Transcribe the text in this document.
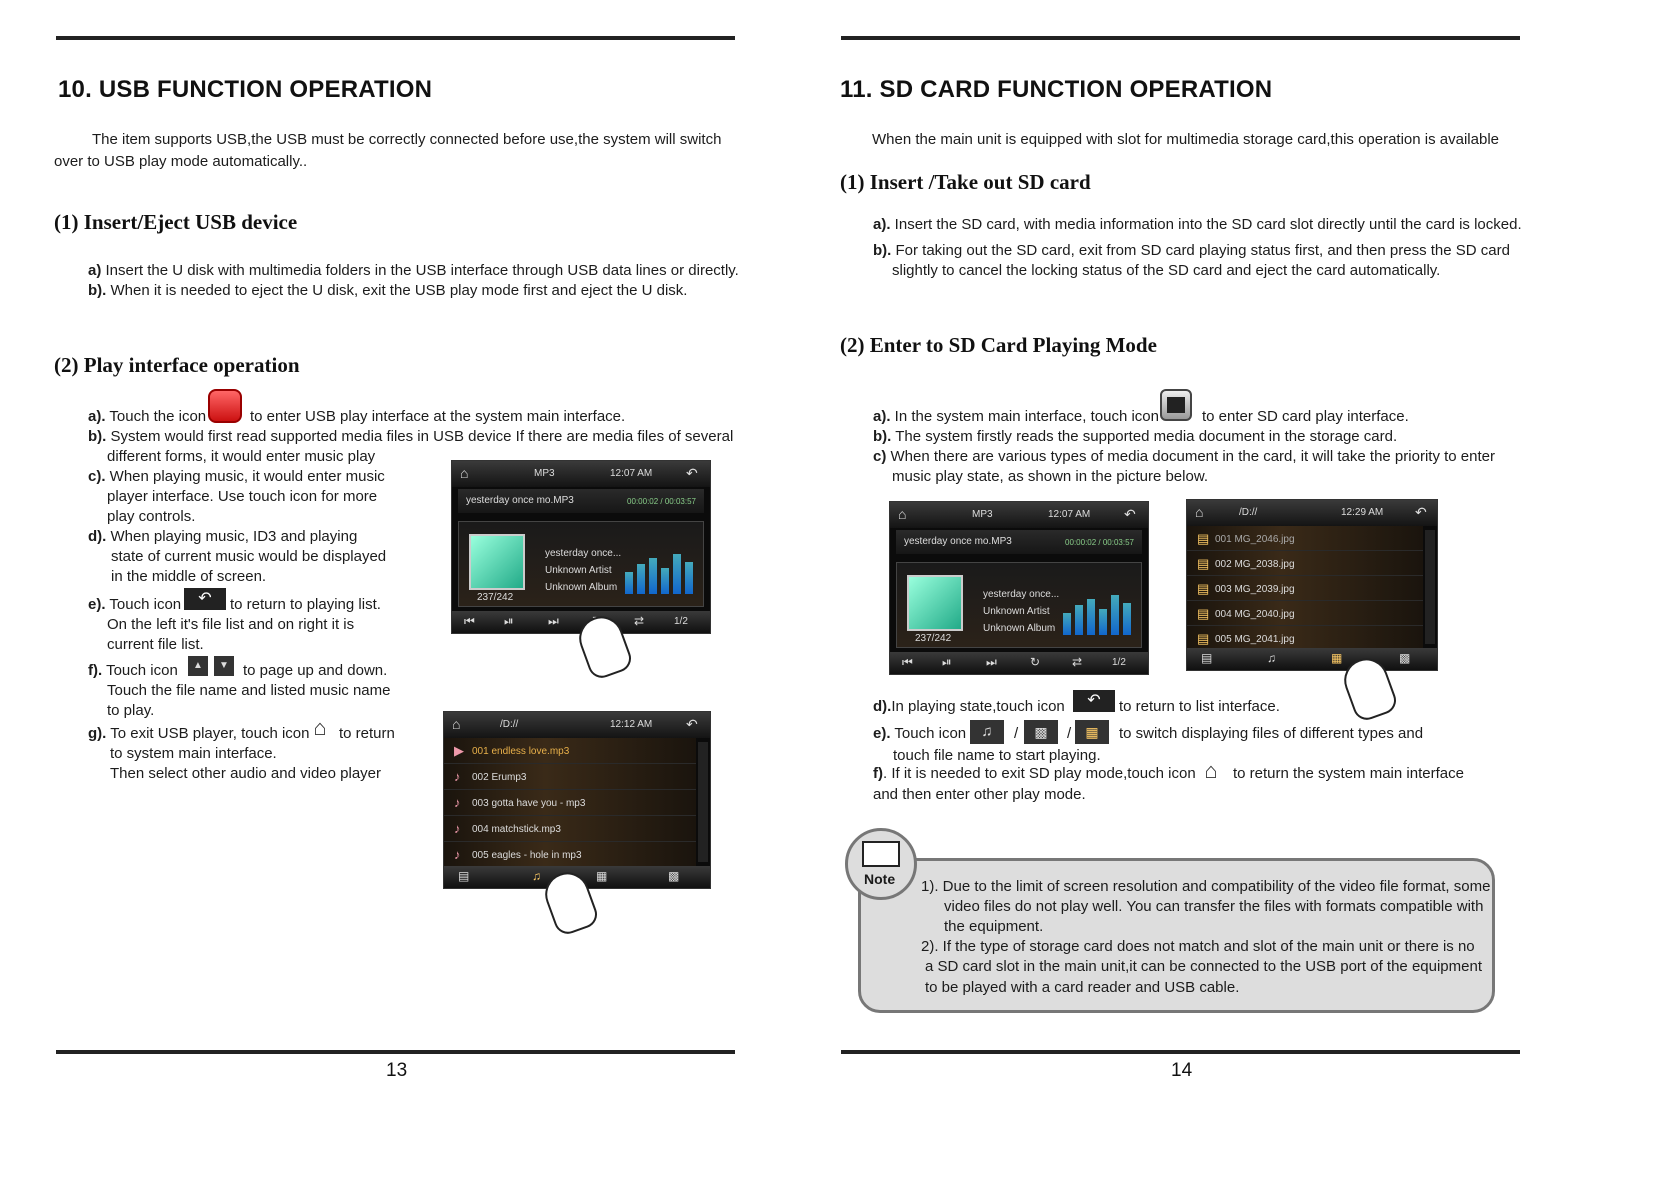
10. USB FUNCTION OPERATION
The item supports USB,the USB must be correctly connected before use,the system will switch
over to USB play mode automatically..
(1) Insert/Eject USB device
a) Insert the U disk with multimedia folders in the USB interface through USB data lines or directly.
b). When it is needed to eject the U disk, exit the USB play mode first and eject the U disk.
(2) Play interface operation
a). Touch the icon	to enter USB play interface at the system main interface.
b). System would first read supported media files in USB device If there are media files of several
different forms, it would enter music play
c). When playing music, it would enter music
player interface. Use touch icon for more
play controls.
d). When playing music, ID3 and playing
state of current music would be displayed
in the middle of screen.
e). Touch icon	↶	to return to playing list.
On the left it's file list and on right it is
current file list.
f). Touch icon	▲	▼ to page up and down.
Touch the file name and listed music name
to play.
g). To exit USB player, touch icon ⌂ to return
to system main interface.
Then select other audio and video player
⌂	MP3	12:07 AM ↶
yesterday once mo.MP3	00:00:02 / 00:03:57
yesterday once...
Unknown Artist
Unknown Album
237/242
⏮ ⏯	⏭	⇄	1/2
⌂	/D://	12:12 AM ↶
▶ 001 endless love.mp3
♪ 002 Erump3
♪ 003 gotta have you - mp3
♪ 004 matchstick.mp3
♪ 005 eagles - hole in mp3
▤	♫	▦	▩
13
11. SD CARD FUNCTION OPERATION
When the main unit is equipped with slot for multimedia storage card,this operation is available
(1) Insert /Take out SD card
a). Insert the SD card, with media information into the SD card slot directly until the card is locked.
b). For taking out the SD card, exit from SD card playing status first, and then press the SD card
slightly to cancel the locking status of the SD card and eject the card automatically.
(2) Enter to SD Card Playing Mode
a). In the system main interface, touch icon	to enter SD card play interface.
b). The system firstly reads the supported media document in the storage card.
c) When there are various types of media document in the card, it will take the priority to enter
music play state, as shown in the picture below.
⌂	MP3	12:07 AM ↶
yesterday once mo.MP3	00:00:02 / 00:03:57
yesterday once...
Unknown Artist
Unknown Album
237/242
⏮ ⏯	⏭	↻	⇄	1/2
⌂	/D://	12:29 AM ↶
▤ 001 MG_2046.jpg
▤ 002 MG_2038.jpg
▤ 003 MG_2039.jpg
▤ 004 MG_2040.jpg
▤ 005 MG_2041.jpg
▤	♫	▦	▩
d).In playing state,touch icon	↶	to return to list interface.
e). Touch icon	♫	/	▩	/	▦	to switch displaying files of different types and
touch file name to start playing.
f). If it is needed to exit SD play mode,touch icon ⌂	to return the system main interface
and then enter other play mode.
1). Due to the limit of screen resolution and compatibility of the video file format, some
video files do not play well. You can transfer the files with formats compatible with
the equipment.
2). If the type of storage card does not match and slot of the main unit or there is no
a SD card slot in the main unit,it can be connected to the USB port of the equipment
to be played with a card reader and USB cable.
Note
14
